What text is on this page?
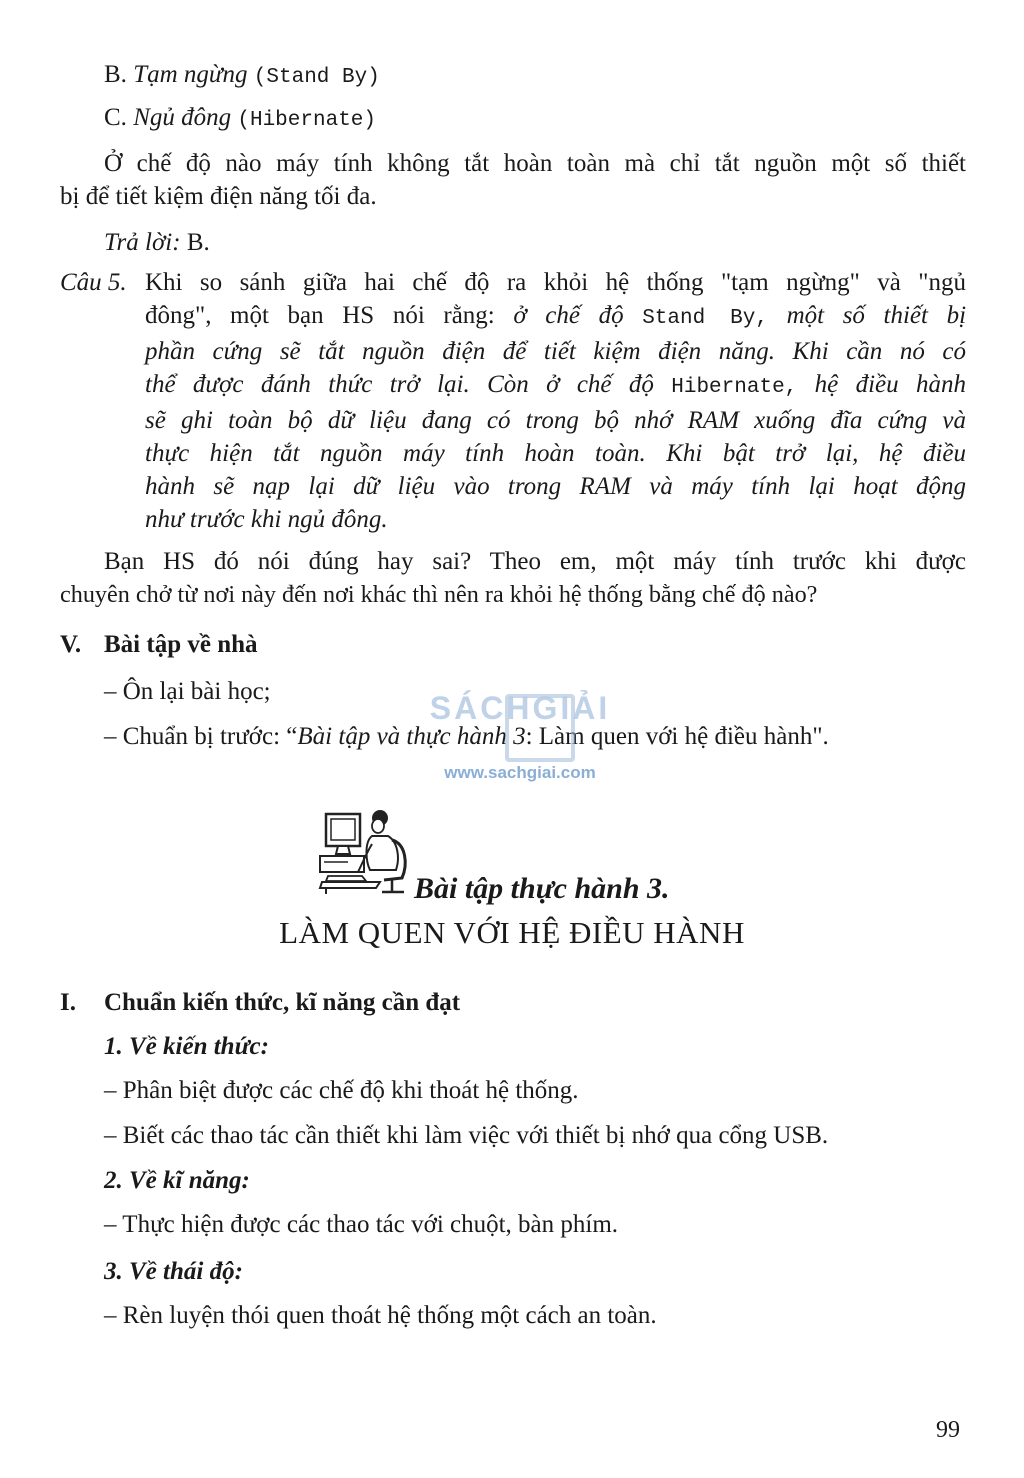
B. Tạm ngừng (Stand By)
C. Ngủ đông (Hibernate)

Ở chế độ nào máy tính không tắt hoàn toàn mà chỉ tắt nguồn một số thiết

bị để tiết kiệm điện năng tối đa.

Trả lời: B.
Câu 5. Khi so sánh giữa hai chế độ ra khỏi hệ thống "tạm ngừng" và "ngủ

đông", một bạn HS nói rằng: ở chế độ Stand By, một số thiết bị

phần cứng sẽ tắt nguồn điện để tiết kiệm điện năng. Khi cần nó có

thể được đánh thức trở lại. Còn ở chế độ Hibernate, hệ điều hành

sẽ ghi toàn bộ dữ liệu đang có trong bộ nhớ RAM xuống đĩa cứng và

thực hiện tắt nguồn máy tính hoàn toàn. Khi bật trở lại, hệ điều

hành sẽ nạp lại dữ liệu vào trong RAM và máy tính lại hoạt động

như trước khi ngủ đông.

Bạn HS đó nói đúng hay sai? Theo em, một máy tính trước khi được

chuyên chở từ nơi này đến nơi khác thì nên ra khỏi hệ thống bằng chế độ nào?

V. Bài tập về nhà
– Ôn lại bài học;
– Chuẩn bị trước: “Bài tập và thực hành 3: Làm quen với hệ điều hành".
SÁCHGIẢI
www.sachgiai.com
Bài tập thực hành 3.
LÀM QUEN VỚI HỆ ĐIỀU HÀNH
I. Chuẩn kiến thức, kĩ năng cần đạt
1. Về kiến thức:
– Phân biệt được các chế độ khi thoát hệ thống.
– Biết các thao tác cần thiết khi làm việc với thiết bị nhớ qua cổng USB.
2. Về kĩ năng:
– Thực hiện được các thao tác với chuột, bàn phím.
3. Về thái độ:
– Rèn luyện thói quen thoát hệ thống một cách an toàn.
99
